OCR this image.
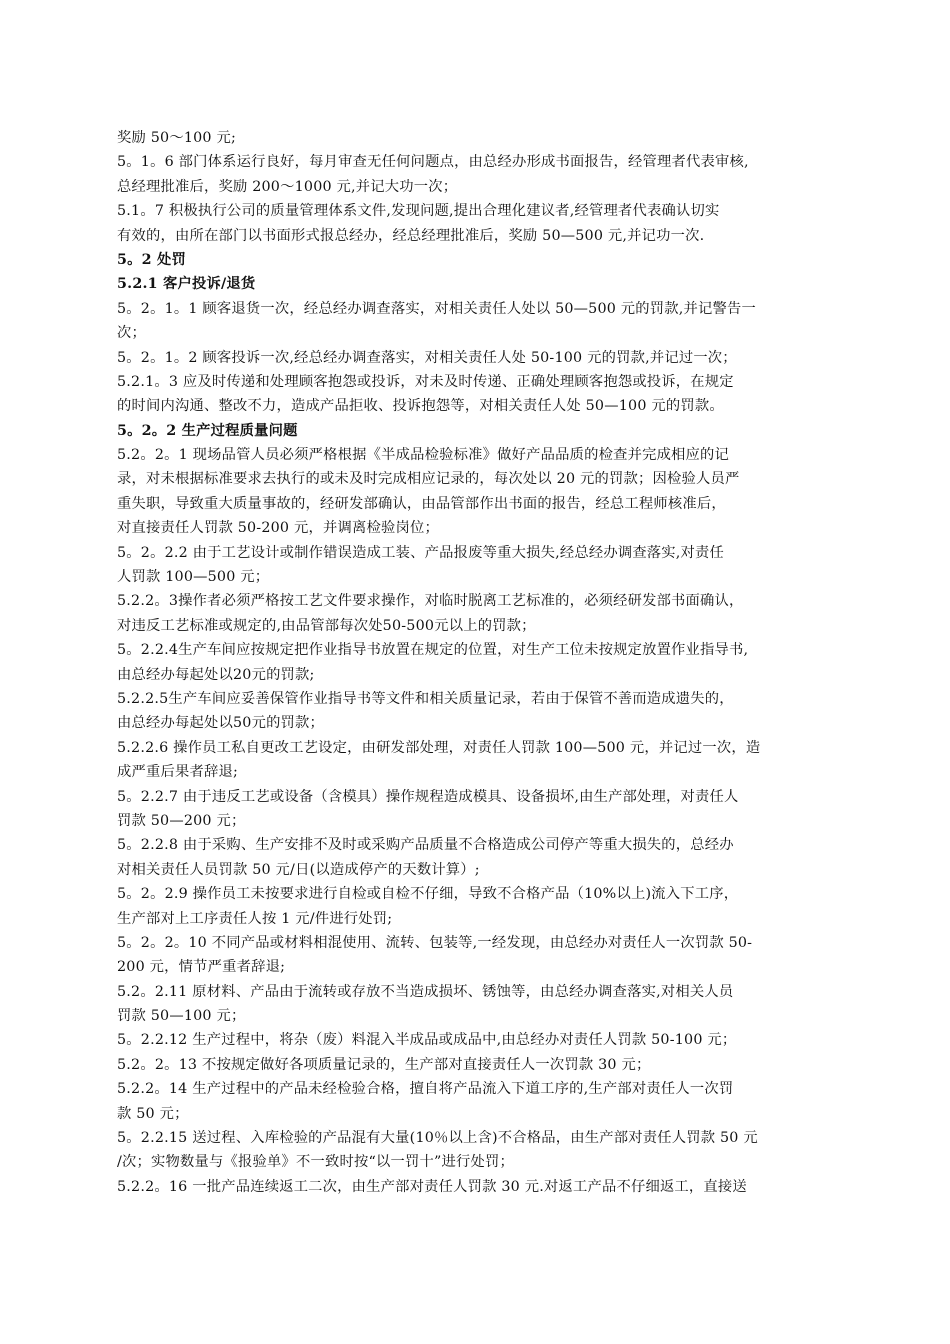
奖励 50～100 元;
5。1。6 部门体系运行良好，每月审查无任何问题点，由总经办形成书面报告，经管理者代表审核,
总经理批准后，奖励 200～1000 元,并记大功一次；
5.1。7 积极执行公司的质量管理体系文件,发现问题,提出合理化建议者,经管理者代表确认切实
有效的，由所在部门以书面形式报总经办，经总经理批准后，奖励 50—500 元,并记功一次.
5。2 处罚
5.2.1 客户投诉/退货
5。2。1。1 顾客退货一次，经总经办调查落实，对相关责任人处以 50—500 元的罚款,并记警告一
次；
5。2。1。2 顾客投诉一次,经总经办调查落实，对相关责任人处 50-100 元的罚款,并记过一次；
5.2.1。3 应及时传递和处理顾客抱怨或投诉，对未及时传递、正确处理顾客抱怨或投诉，在规定
的时间内沟通、整改不力，造成产品拒收、投诉抱怨等，对相关责任人处 50—100 元的罚款。
5。2。2 生产过程质量问题
5.2。2。1 现场品管人员必须严格根据《半成品检验标准》做好产品品质的检查并完成相应的记
录，对未根据标准要求去执行的或未及时完成相应记录的，每次处以 20 元的罚款；因检验人员严
重失职，导致重大质量事故的，经研发部确认，由品管部作出书面的报告，经总工程师核准后，
对直接责任人罚款 50-200 元，并调离检验岗位；
5。2。2.2 由于工艺设计或制作错误造成工装、产品报废等重大损失,经总经办调查落实,对责任
人罚款 100—500 元；
5.2.2。3操作者必须严格按工艺文件要求操作，对临时脱离工艺标准的，必须经研发部书面确认，
对违反工艺标准或规定的,由品管部每次处50-500元以上的罚款；
5。2.2.4生产车间应按规定把作业指导书放置在规定的位置，对生产工位未按规定放置作业指导书,
由总经办每起处以20元的罚款;
5.2.2.5生产车间应妥善保管作业指导书等文件和相关质量记录，若由于保管不善而造成遗失的，
由总经办每起处以50元的罚款；
5.2.2.6 操作员工私自更改工艺设定，由研发部处理，对责任人罚款 100—500 元，并记过一次，造
成严重后果者辞退;
5。2.2.7 由于违反工艺或设备（含模具）操作规程造成模具、设备损坏,由生产部处理，对责任人
罚款 50—200 元；
5。2.2.8 由于采购、生产安排不及时或采购产品质量不合格造成公司停产等重大损失的，总经办
对相关责任人员罚款 50 元/日(以造成停产的天数计算）;
5。2。2.9 操作员工未按要求进行自检或自检不仔细，导致不合格产品（10%以上)流入下工序，
生产部对上工序责任人按 1 元/件进行处罚;
5。2。2。10 不同产品或材料相混使用、流转、包装等,一经发现，由总经办对责任人一次罚款 50-
200 元，情节严重者辞退;
5.2。2.11 原材料、产品由于流转或存放不当造成损坏、锈蚀等，由总经办调查落实,对相关人员
罚款 50—100 元；
5。2.2.12 生产过程中，将杂（废）料混入半成品或成品中,由总经办对责任人罚款 50-100 元；
5.2。2。13 不按规定做好各项质量记录的，生产部对直接责任人一次罚款 30 元；
5.2.2。14 生产过程中的产品未经检验合格，擅自将产品流入下道工序的,生产部对责任人一次罚
款 50 元；
5。2.2.15 送过程、入库检验的产品混有大量(10％以上含)不合格品，由生产部对责任人罚款 50 元
/次；实物数量与《报验单》不一致时按“以一罚十”进行处罚；
5.2.2。16 一批产品连续返工二次，由生产部对责任人罚款 30 元.对返工产品不仔细返工，直接送
